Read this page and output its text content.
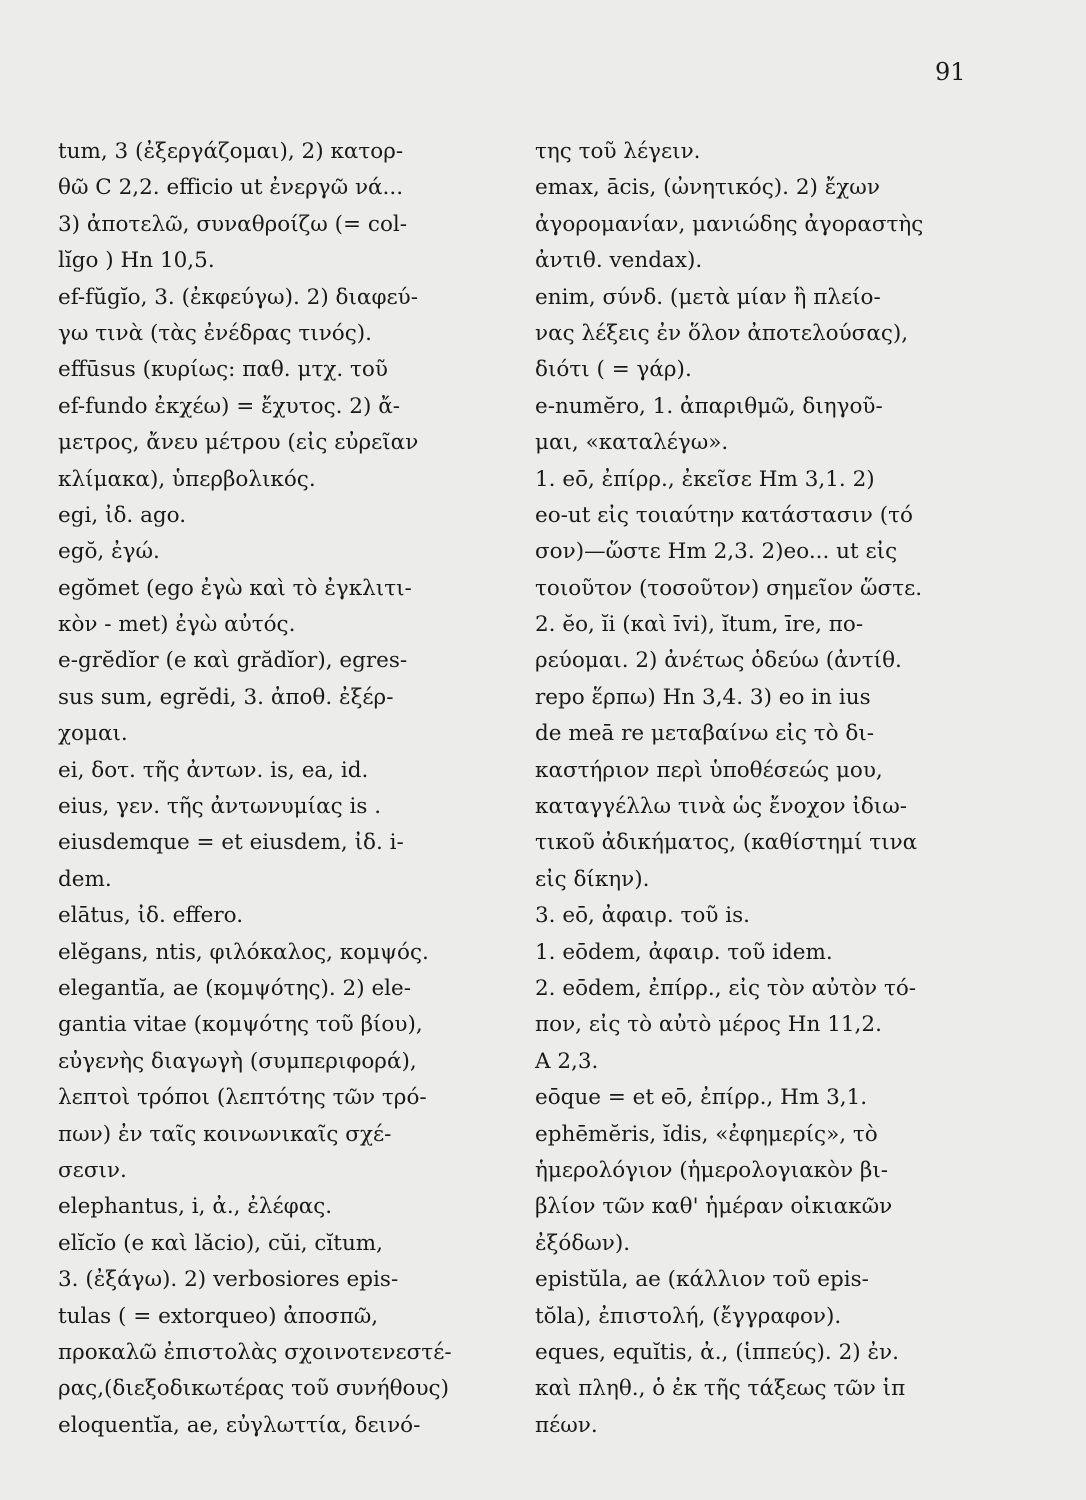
91
tum, 3 (ἐξεργάζομαι), 2) κατορ-
θῶ C 2,2. efficio ut ἐνεργῶ νά...
3) ἀποτελῶ, συναθροίζω (= col-
lĭgo ) Hn 10,5.
ef-fŭgĭo, 3. (ἐκφεύγω). 2) διαφεύ-
γω τινὰ (τὰς ἐνέδρας τινός).
effūsus (κυρίως: παθ. μτχ. τοῦ
ef-fundo ἐκχέω) = ἔχυτος. 2) ἄ-
μετρος, ἄνευ μέτρου (εἰς εὐρεῖαν
κλίμακα), ὑπερβολικός.
egi, ἰδ. ago.
egŏ, ἐγώ.
egŏmet (ego ἐγὼ καὶ τὸ ἐγκλιτι-
κὸν - met) ἐγὼ αὐτός.
e-grĕdĭor (e καὶ grădĭor), egres-
sus sum, egrĕdi, 3. ἀποθ. ἐξέρ-
χομαι.
ei, δοτ. τῆς ἀντων. is, ea, id.
eius, γεν. τῆς ἀντωνυμίας is .
eiusdemque = et eiusdem, ἰδ. i-
dem.
elātus, ἰδ. effero.
elĕgans, ntis, φιλόκαλος, κομψός.
elegantĭa, ae (κομψότης). 2) ele-
gantia vitae (κομψότης τοῦ βίου),
εὐγενὴς διαγωγὴ (συμπεριφορά),
λεπτοὶ τρόποι (λεπτότης τῶν τρό-
πων) ἐν ταῖς κοινωνικαῖς σχέ-
σεσιν.
elephantus, i, ἀ., ἐλέφας.
elĭcĭo (e καὶ lăcio), cŭi, cĭtum,
3. (ἐξάγω). 2) verbosiores epis-
tulas ( = extorqueo) ἀποσπῶ,
προκαλῶ ἐπιστολὰς σχοινοτενεστέ-
ρας,(διεξοδικωτέρας τοῦ συνήθους)
eloquentĭa, ae, εὐγλωττία, δεινό-
της τοῦ λέγειν.
emax, ācis, (ὠνητικός). 2) ἔχων
ἀγορομανίαν, μανιώδης ἀγοραστὴς
ἀντιθ. vendax).
enim, σύνδ. (μετὰ μίαν ἢ πλείο-
νας λέξεις ἐν ὅλον ἀποτελούσας),
διότι ( = γάρ).
e-numĕro, 1. ἀπαριθμῶ, διηγοῦ-
μαι, «καταλέγω».
1. eō, ἐπίρρ., ἐκεῖσε Hm 3,1. 2)
eo-ut εἰς τοιαύτην κατάστασιν (τό
σον)—ὥστε Hm 2,3. 2)eo... ut εἰς
τοιοῦτον (τοσοῦτον) σημεῖον ὥστε.
2. ĕo, ĭi (καὶ īvi), ĭtum, īre, πο-
ρεύομαι. 2) ἀνέτως ὁδεύω (ἀντίθ.
repo ἕρπω) Hn 3,4. 3) eo in ius
de meā re μεταβαίνω εἰς τὸ δι-
καστήριον περὶ ὑποθέσεώς μου,
καταγγέλλω τινὰ ὡς ἔνοχον ἰδιω-
τικοῦ ἀδικήματος, (καθίστημί τινα
εἰς δίκην).
3. eō, ἀφαιρ. τοῦ is.
1. eōdem, ἀφαιρ. τοῦ idem.
2. eōdem, ἐπίρρ., εἰς τὸν αὐτὸν τό-
πον, εἰς τὸ αὐτὸ μέρος Hn 11,2.
A 2,3.
eōque = et eō, ἐπίρρ., Hm 3,1.
ephēmĕris, ĭdis, «ἐφημερίς», τὸ
ἡμερολόγιον (ἡμερολογιακὸν βι-
βλίον τῶν καθ' ἡμέραν οἰκιακῶν
ἐξόδων).
epistŭla, ae (κάλλιον τοῦ epis-
tŏla), ἐπιστολή, (ἔγγραφον).
eques, equĭtis, ἀ., (ἱππεύς). 2) ἐν.
καὶ πληθ., ὁ ἐκ τῆς τάξεως τῶν ἱπ
πέων.
